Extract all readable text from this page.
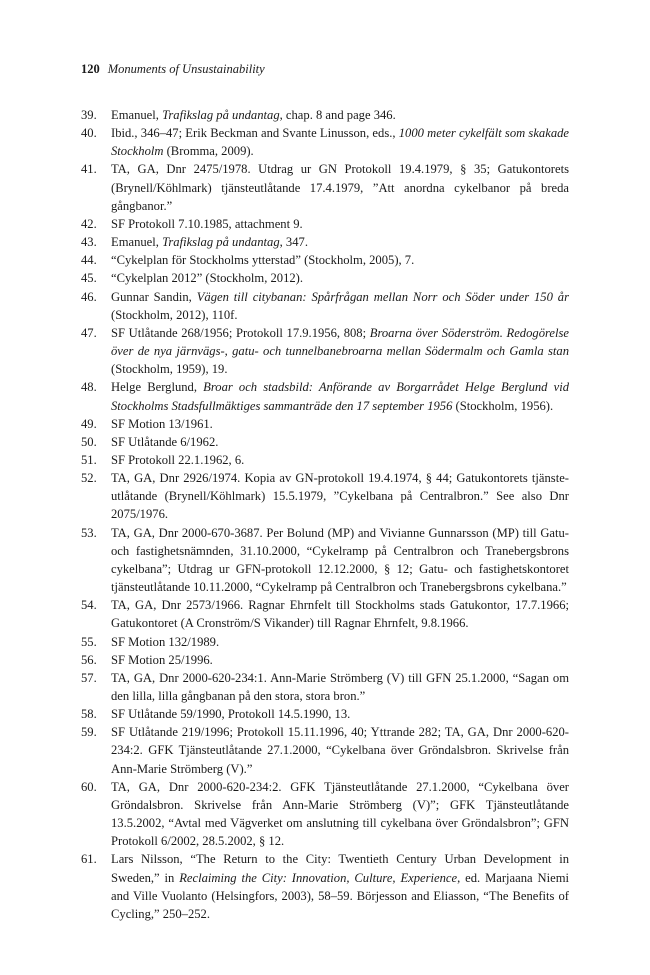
120 Monuments of Unsustainability
39. Emanuel, Trafikslag på undantag, chap. 8 and page 346.
40. Ibid., 346–47; Erik Beckman and Svante Linusson, eds., 1000 meter cykelfält som skakade Stockholm (Bromma, 2009).
41. TA, GA, Dnr 2475/1978. Utdrag ur GN Protokoll 19.4.1979, § 35; Gatukontorets (Brynell/Köhlmark) tjänsteutlåtande 17.4.1979, ”Att anordna cykelbanor på breda gångbanor.”
42. SF Protokoll 7.10.1985, attachment 9.
43. Emanuel, Trafikslag på undantag, 347.
44. “Cykelplan för Stockholms ytterstad” (Stockholm, 2005), 7.
45. “Cykelplan 2012” (Stockholm, 2012).
46. Gunnar Sandin, Vägen till citybanan: Spårfrågan mellan Norr och Söder under 150 år (Stockholm, 2012), 110f.
47. SF Utlåtande 268/1956; Protokoll 17.9.1956, 808; Broarna över Söderström. Redogörelse över de nya järnvägs-, gatu- och tunnelbanebroarna mellan Södermalm och Gamla stan (Stockholm, 1959), 19.
48. Helge Berglund, Broar och stadsbild: Anförande av Borgarrådet Helge Berglund vid Stockholms Stadsfullmäktiges sammanträde den 17 september 1956 (Stockholm, 1956).
49. SF Motion 13/1961.
50. SF Utlåtande 6/1962.
51. SF Protokoll 22.1.1962, 6.
52. TA, GA, Dnr 2926/1974. Kopia av GN-protokoll 19.4.1974, § 44; Gatukontorets tjänsteutlåtande (Brynell/Köhlmark) 15.5.1979, ”Cykelbana på Centralbron.” See also Dnr 2075/1976.
53. TA, GA, Dnr 2000-670-3687. Per Bolund (MP) and Vivianne Gunnarsson (MP) till Gatu- och fastighetsnämnden, 31.10.2000, “Cykelramp på Centralbron och Tranebergsbrons cykelbana”; Utdrag ur GFN-protokoll 12.12.2000, § 12; Gatu- och fastighetskontoret tjänsteutlåtande 10.11.2000, “Cykelramp på Centralbron och Tranebergsbrons cykelbana.”
54. TA, GA, Dnr 2573/1966. Ragnar Ehrnfelt till Stockholms stads Gatukontor, 17.7.1966; Gatukontoret (A Cronström/S Vikander) till Ragnar Ehrnfelt, 9.8.1966.
55. SF Motion 132/1989.
56. SF Motion 25/1996.
57. TA, GA, Dnr 2000-620-234:1. Ann-Marie Strömberg (V) till GFN 25.1.2000, “Sagan om den lilla, lilla gångbanan på den stora, stora bron.”
58. SF Utlåtande 59/1990, Protokoll 14.5.1990, 13.
59. SF Utlåtande 219/1996; Protokoll 15.11.1996, 40; Yttrande 282; TA, GA, Dnr 2000-620-234:2. GFK Tjänsteutlåtande 27.1.2000, “Cykelbana över Gröndalsbron. Skrivelse från Ann-Marie Strömberg (V).”
60. TA, GA, Dnr 2000-620-234:2. GFK Tjänsteutlåtande 27.1.2000, “Cykelbana över Gröndalsbron. Skrivelse från Ann-Marie Strömberg (V)”; GFK Tjänsteutlåtande 13.5.2002, “Avtal med Vägverket om anslutning till cykelbana över Gröndalsbron”; GFN Protokoll 6/2002, 28.5.2002, § 12.
61. Lars Nilsson, “The Return to the City: Twentieth Century Urban Development in Sweden,” in Reclaiming the City: Innovation, Culture, Experience, ed. Marjaana Niemi and Ville Vuolanto (Helsingfors, 2003), 58–59. Börjesson and Eliasson, “The Benefits of Cycling,” 250–252.
